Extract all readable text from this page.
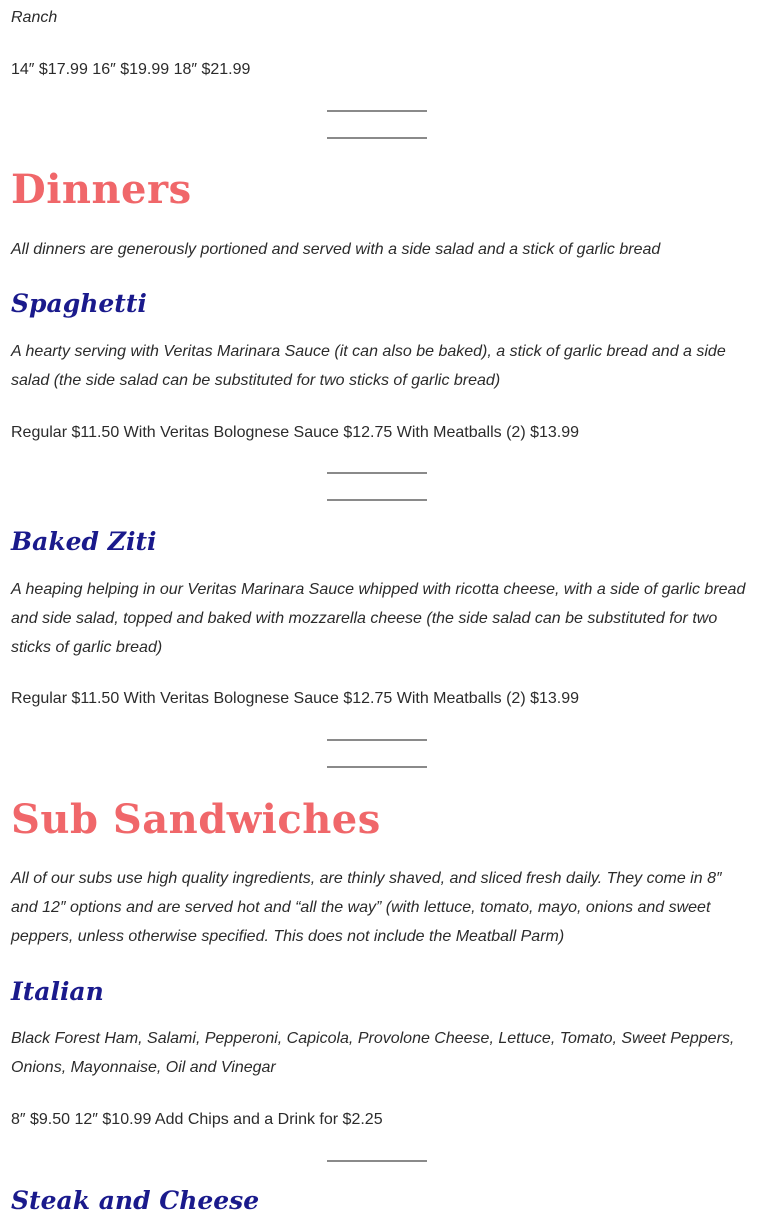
Ranch

14″ $17.99 16″ $19.99 18″ $21.99

Dinners

All dinners are generously portioned and served with a side salad and a stick of garlic bread

Spaghetti

A hearty serving with Veritas Marinara Sauce (it can also be baked), a stick of garlic bread and a side salad (the side salad can be substituted for two sticks of garlic bread)

Regular $11.50 With Veritas Bolognese Sauce $12.75 With Meatballs (2) $13.99

Baked Ziti

A heaping helping in our Veritas Marinara Sauce whipped with ricotta cheese, with a side of garlic bread and side salad, topped and baked with mozzarella cheese (the side salad can be substituted for two sticks of garlic bread)

Regular $11.50 With Veritas Bolognese Sauce $12.75 With Meatballs (2) $13.99

Sub Sandwiches

All of our subs use high quality ingredients, are thinly shaved, and sliced fresh daily. They come in 8″ and 12″ options and are served hot and “all the way” (with lettuce, tomato, mayo, onions and sweet peppers, unless otherwise specified. This does not include the Meatball Parm)

Italian

Black Forest Ham, Salami, Pepperoni, Capicola, Provolone Cheese, Lettuce, Tomato, Sweet Peppers, Onions, Mayonnaise, Oil and Vinegar

8″ $9.50 12″ $10.99 Add Chips and a Drink for $2.25

Steak and Cheese
